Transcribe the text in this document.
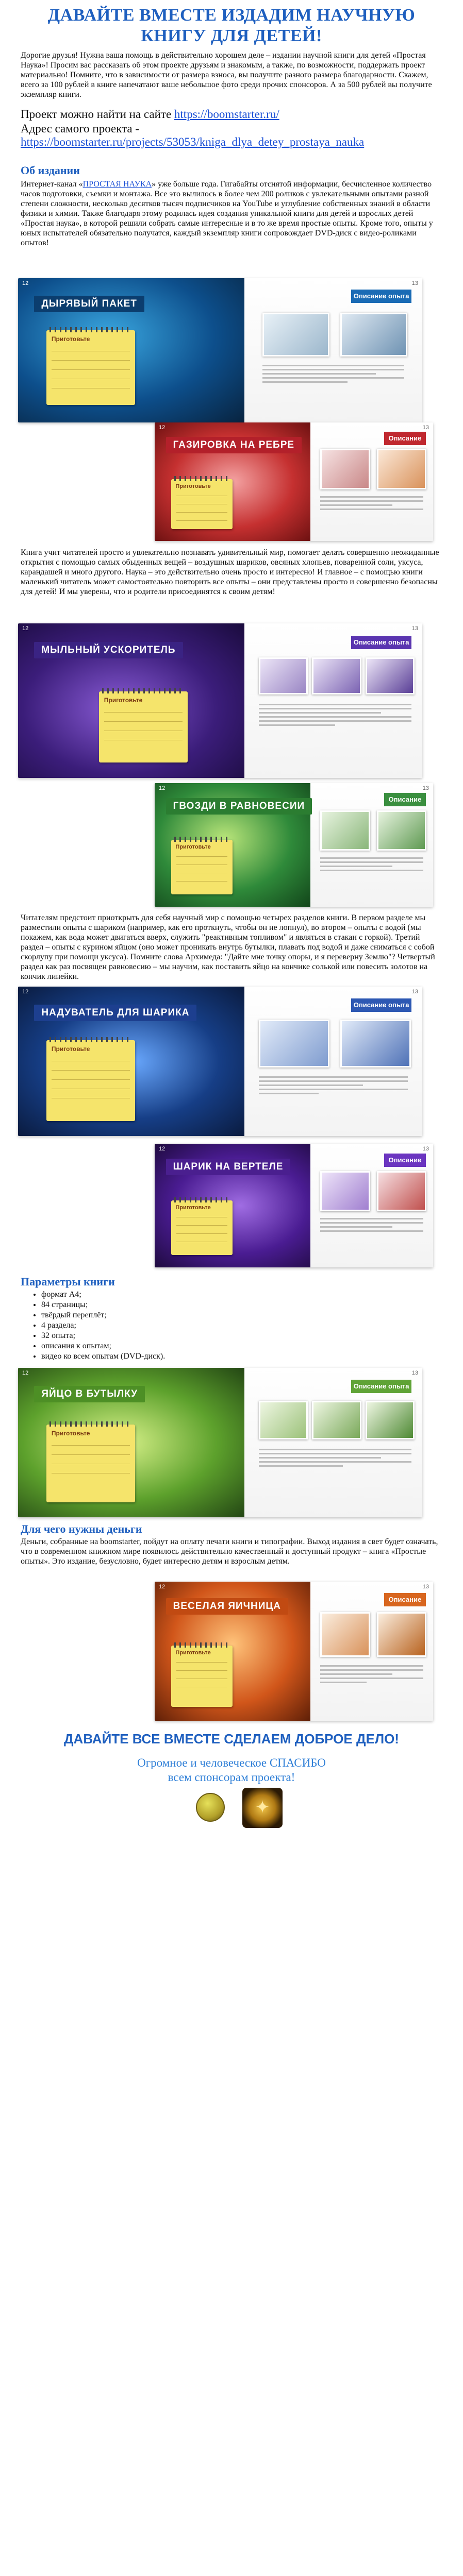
ДАВАЙТЕ ВМЕСТЕ ИЗДАДИМ НАУЧНУЮ
КНИГУ ДЛЯ ДЕТЕЙ!
Дорогие друзья! Нужна ваша помощь в действительно хорошем деле – издании научной книги для детей «Простая Наука»! Просим вас рассказать об этом проекте друзьям и знакомым, а также, по возможности, поддержать проект материально! Помните, что в зависимости от размера взноса, вы получите разного размера благодарности. Скажем, всего за 100 рублей в книге напечатают ваше небольшое фото среди прочих спонсоров. А за 500 рублей вы получите экземпляр книги.
Проект можно найти на сайте https://boomstarter.ru/
Адрес самого проекта -
https://boomstarter.ru/projects/53053/kniga_dlya_detey_prostaya_nauka
Об издании
Интернет-канал «ПРОСТАЯ НАУКА» уже больше года. Гигабайты отснятой информации, бесчисленное количество часов подготовки, съемки и монтажа. Все это вылилось в более чем 200 роликов с увлекательными опытами разной степени сложности, несколько десятков тысяч подписчиков на YouTube и углубление собственных знаний в области физики и химии. Также благодаря этому родилась идея создания уникальной книги для детей и взрослых детей «Простая наука», в которой решили собрать самые интересные и в то же время простые опыты. Кроме того, опыты у юных испытателей обязательно получатся, каждый экземпляр книги сопровождает DVD-диск с видео-роликами опытов!
Описание опыта
ДЫРЯВЫЙ ПАКЕТ
12	13
Приготовьте
Описание
ГАЗИРОВКА НА РЕБРЕ
12	13
Приготовьте
Книга учит читателей просто и увлекательно познавать удивительный мир, помогает делать совершенно неожиданные открытия с помощью самых обыденных вещей – воздушных шариков, овсяных хлопьев, поваренной соли, уксуса, карандашей и много другого. Наука – это действительно очень просто и интересно! И главное – с помощью книги маленький читатель может самостоятельно повторить все опыты – они представлены просто и совершенно безопасны для детей! И мы уверены, что и родители присоединятся к своим детям!
Описание опыта
МЫЛЬНЫЙ УСКОРИТЕЛЬ
12	13
Приготовьте
Описание
ГВОЗДИ В РАВНОВЕСИИ
12	13
Приготовьте
Читателям предстоит приоткрыть для себя научный мир с помощью четырех разделов книги. В первом разделе мы разместили опыты с шариком (например, как его проткнуть, чтобы он не лопнул), во втором – опыты с водой (мы покажем, как вода может двигаться вверх, служить "реактивным топливом" и являться в стакан с горкой). Третий раздел – опыты с курином яйцом (оно может проникать внутрь бутылки, плавать под водой и даже сниматься с собой скорлупу при помощи уксуса). Помните слова Архимеда: "Дайте мне точку опоры, и я переверну Землю"? Четвертый раздел как раз посвящен равновесию – мы научим, как поставить яйцо на кончике солькой или повесить золотов на кончик линейки.
Описание опыта
НАДУВАТЕЛЬ ДЛЯ ШАРИКА
12	13
Приготовьте
Описание
ШАРИК НА ВЕРТЕЛЕ
12	13
Приготовьте
Параметры книги
• формат A4;
• 84 страницы;
• твёрдый переплёт;
• 4 раздела;
• 32 опыта;
• описания к опытам;
• видео ко всем опытам (DVD-диск).
Описание опыта
ЯЙЦО В БУТЫЛКУ
12	13
Приготовьте
Для чего нужны деньги
Деньги, собранные на boomstarter, пойдут на оплату печати книги и типографии. Выход издания в свет будет означать, что в современном книжном мире появилось действительно качественный и доступный продукт – книга «Простые опыты». Это издание, безусловно, будет интересно детям и взрослым детям.
Описание
ВЕСЕЛАЯ ЯИЧНИЦА
12	13
Приготовьте
ДАВАЙТЕ ВСЕ ВМЕСТЕ СДЕЛАЕМ ДОБРОЕ ДЕЛО!
Огромное и человеческое СПАСИБО
всем спонсорам проекта!
✦
